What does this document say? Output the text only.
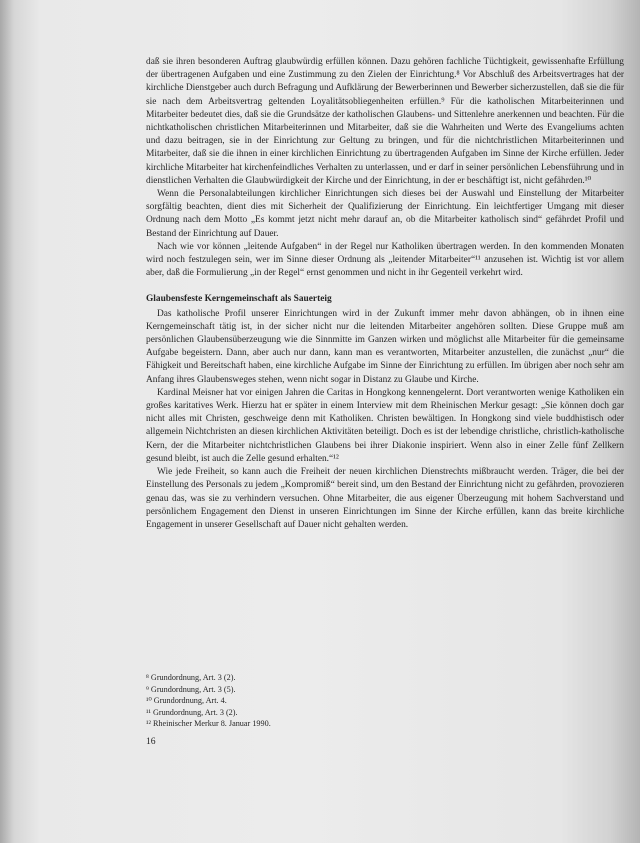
daß sie ihren besonderen Auftrag glaubwürdig erfüllen können. Dazu gehören fachliche Tüchtigkeit, gewissenhafte Erfüllung der übertragenen Aufgaben und eine Zustimmung zu den Zielen der Einrichtung.⁸ Vor Abschluß des Arbeitsvertrages hat der kirchliche Dienstgeber auch durch Befragung und Aufklärung der Bewerberinnen und Bewerber sicherzustellen, daß sie die für sie nach dem Arbeitsvertrag geltenden Loyalitätsobliegenheiten erfüllen.⁹ Für die katholischen Mitarbeiterinnen und Mitarbeiter bedeutet dies, daß sie die Grundsätze der katholischen Glaubens- und Sittenlehre anerkennen und beachten. Für die nichtkatholischen christlichen Mitarbeiterinnen und Mitarbeiter, daß sie die Wahrheiten und Werte des Evangeliums achten und dazu beitragen, sie in der Einrichtung zur Geltung zu bringen, und für die nichtchristlichen Mitarbeiterinnen und Mitarbeiter, daß sie die ihnen in einer kirchlichen Einrichtung zu übertragenden Aufgaben im Sinne der Kirche erfüllen. Jeder kirchliche Mitarbeiter hat kirchenfeindliches Verhalten zu unterlassen, und er darf in seiner persönlichen Lebensführung und in dienstlichen Verhalten die Glaubwürdigkeit der Kirche und der Einrichtung, in der er beschäftigt ist, nicht gefährden.¹⁰

Wenn die Personalabteilungen kirchlicher Einrichtungen sich dieses bei der Auswahl und Einstellung der Mitarbeiter sorgfältig beachten, dient dies mit Sicherheit der Qualifizierung der Einrichtung. Ein leichtfertiger Umgang mit dieser Ordnung nach dem Motto „Es kommt jetzt nicht mehr darauf an, ob die Mitarbeiter katholisch sind“ gefährdet Profil und Bestand der Einrichtung auf Dauer.

Nach wie vor können „leitende Aufgaben“ in der Regel nur Katholiken übertragen werden. In den kommenden Monaten wird noch festzulegen sein, wer im Sinne dieser Ordnung als „leitender Mitarbeiter“¹¹ anzusehen ist. Wichtig ist vor allem aber, daß die Formulierung „in der Regel“ ernst genommen und nicht in ihr Gegenteil verkehrt wird.

Glaubensfeste Kerngemeinschaft als Sauerteig

Das katholische Profil unserer Einrichtungen wird in der Zukunft immer mehr davon abhängen, ob in ihnen eine Kerngemeinschaft tätig ist, in der sicher nicht nur die leitenden Mitarbeiter angehören sollten. Diese Gruppe muß am persönlichen Glaubensüberzeugung wie die Sinnmitte im Ganzen wirken und möglichst alle Mitarbeiter für die gemeinsame Aufgabe begeistern. Dann, aber auch nur dann, kann man es verantworten, Mitarbeiter anzustellen, die zunächst „nur“ die Fähigkeit und Bereitschaft haben, eine kirchliche Aufgabe im Sinne der Einrichtung zu erfüllen. Im übrigen aber noch sehr am Anfang ihres Glaubensweges stehen, wenn nicht sogar in Distanz zu Glaube und Kirche.

Kardinal Meisner hat vor einigen Jahren die Caritas in Hongkong kennengelernt. Dort verantworten wenige Katholiken ein großes karitatives Werk. Hierzu hat er später in einem Interview mit dem Rheinischen Merkur gesagt: „Sie können doch gar nicht alles mit Christen, geschweige denn mit Katholiken. Christen bewältigen. In Hongkong sind viele buddhistisch oder allgemein Nichtchristen an diesen kirchlichen Aktivitäten beteiligt. Doch es ist der lebendige christliche, christlich-katholische Kern, der die Mitarbeiter nichtchristlichen Glaubens bei ihrer Diakonie inspiriert. Wenn also in einer Zelle fünf Zellkern gesund bleibt, ist auch die Zelle gesund erhalten.“¹²

Wie jede Freiheit, so kann auch die Freiheit der neuen kirchlichen Dienstrechts mißbraucht werden. Träger, die bei der Einstellung des Personals zu jedem „Kompromiß“ bereit sind, um den Bestand der Einrichtung nicht zu gefährden, provozieren genau das, was sie zu verhindern versuchen. Ohne Mitarbeiter, die aus eigener Überzeugung mit hohem Sachverstand und persönlichem Engagement den Dienst in unseren Einrichtungen im Sinne der Kirche erfüllen, kann das breite kirchliche Engagement in unserer Gesellschaft auf Dauer nicht gehalten werden.

⁸ Grundordnung, Art. 3 (2).
⁹ Grundordnung, Art. 3 (5).
¹⁰ Grundordnung, Art. 4.
¹¹ Grundordnung, Art. 3 (2).
¹² Rheinischer Merkur 8. Januar 1990.
16
